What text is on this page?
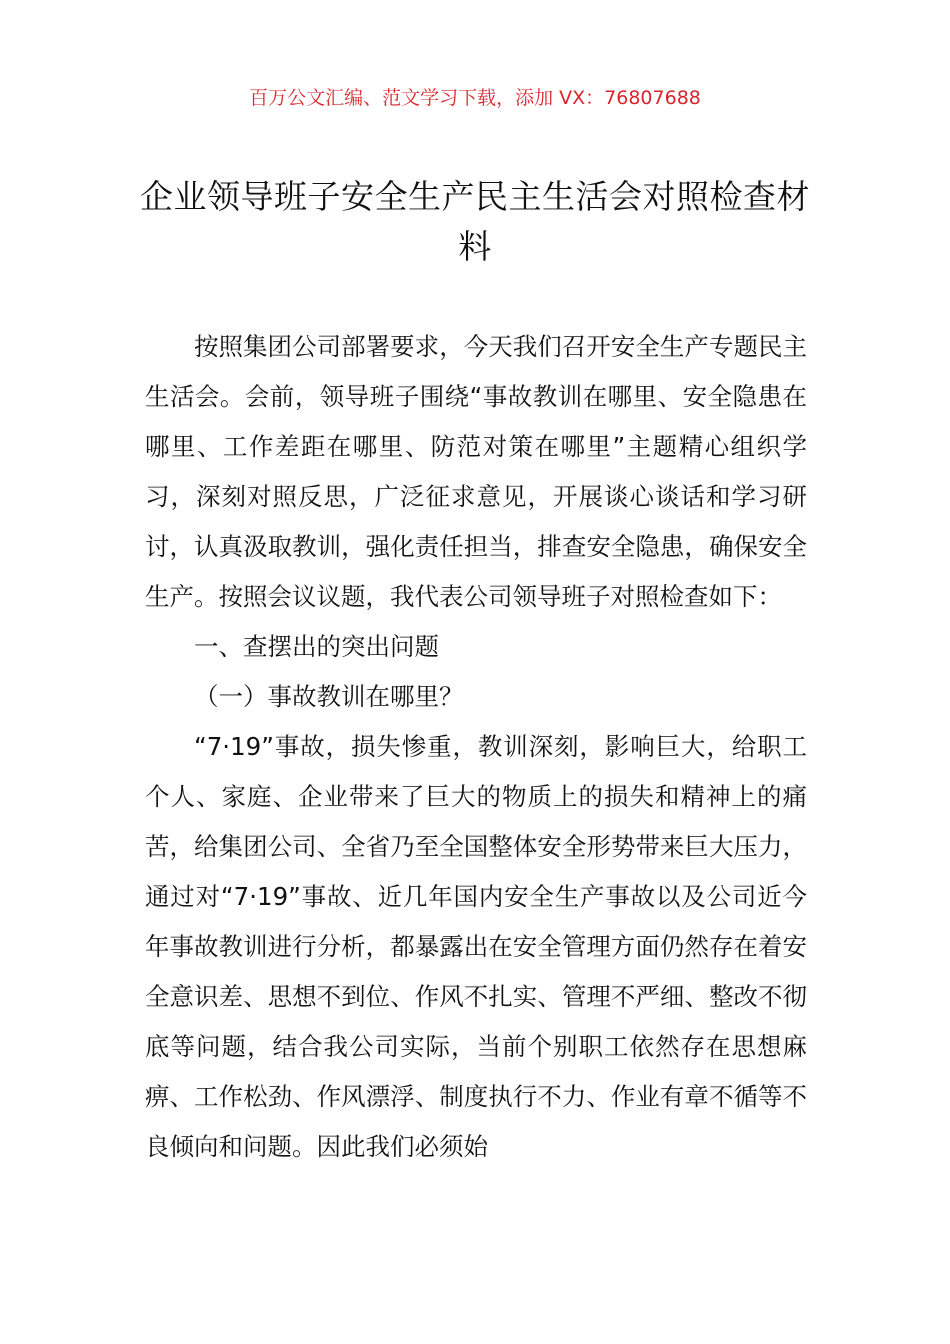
百万公文汇编、范文学习下载，添加 VX：76807688
企业领导班子安全生产民主生活会对照检查材料

按照集团公司部署要求，今天我们召开安全生产专题民主生活会。会前，领导班子围绕“事故教训在哪里、安全隐患在哪里、工作差距在哪里、防范对策在哪里”主题精心组织学习，深刻对照反思，广泛征求意见，开展谈心谈话和学习研讨，认真汲取教训，强化责任担当，排查安全隐患，确保安全生产。按照会议议题，我代表公司领导班子对照检查如下：

一、查摆出的突出问题

（一）事故教训在哪里？

“7·19”事故，损失惨重，教训深刻，影响巨大，给职工个人、家庭、企业带来了巨大的物质上的损失和精神上的痛苦，给集团公司、全省乃至全国整体安全形势带来巨大压力，通过对“7·19”事故、近几年国内安全生产事故以及公司近今年事故教训进行分析，都暴露出在安全管理方面仍然存在着安全意识差、思想不到位、作风不扎实、管理不严细、整改不彻底等问题，结合我公司实际，当前个别职工依然存在思想麻痹、工作松劲、作风漂浮、制度执行不力、作业有章不循等不良倾向和问题。因此我们必须始
